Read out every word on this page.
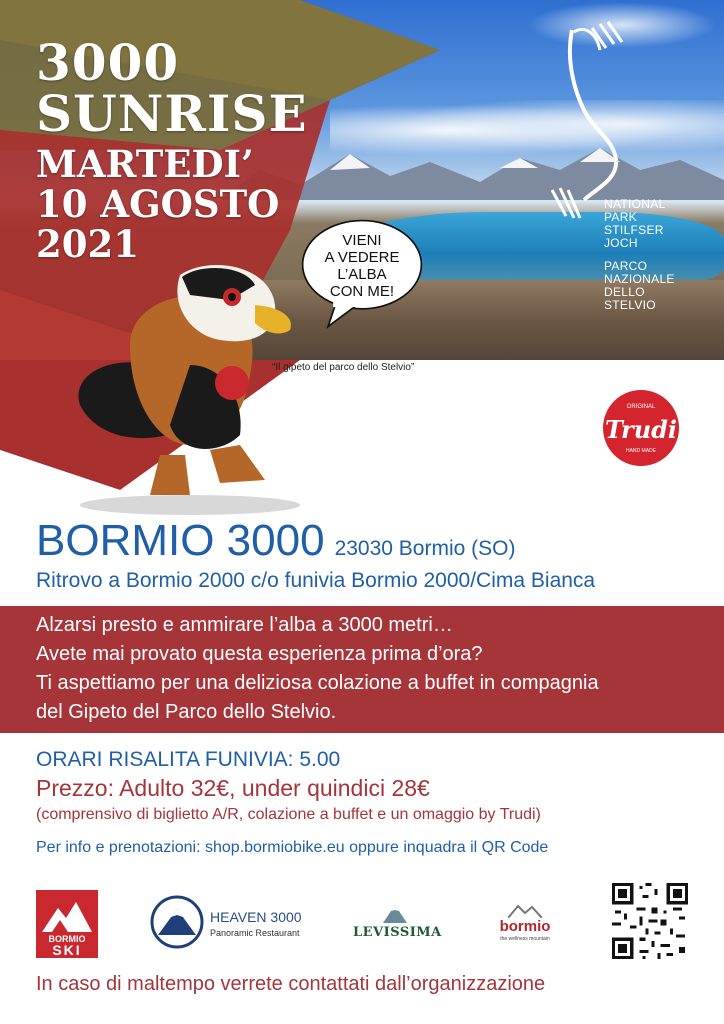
3000
SUNRISE
MARTEDI’
10 AGOSTO
2021
NATIONAL
PARK
STILFSER
JOCH
PARCO
NAZIONALE
DELLO
STELVIO
VIENI
A VEDERE
L’ALBA
CON ME!
“Il gipeto del parco dello Stelvio”
ORIGINAL
Trudi
HAND MADE
BORMIO 3000 23030 Bormio (SO)
Ritrovo a Bormio 2000 c/o funivia Bormio 2000/Cima Bianca

Alzarsi presto e ammirare l’alba a 3000 metri…

Avete mai provato questa esperienza prima d’ora?

Ti aspettiamo per una deliziosa colazione a buffet in compagnia

del Gipeto del Parco dello Stelvio.

ORARI RISALITA FUNIVIA: 5.00
Prezzo: Adulto 32€, under quindici 28€
(comprensivo di biglietto A/R, colazione a buffet e un omaggio by Trudi)
Per info e prenotazioni: shop.bormiobike.eu oppure inquadra il QR Code
BORMIO
SKI
HEAVEN 3000
Panoramic Restaurant	LEVISSIMA	bormio
the wellness mountain
In caso di maltempo verrete contattati dall’organizzazione
